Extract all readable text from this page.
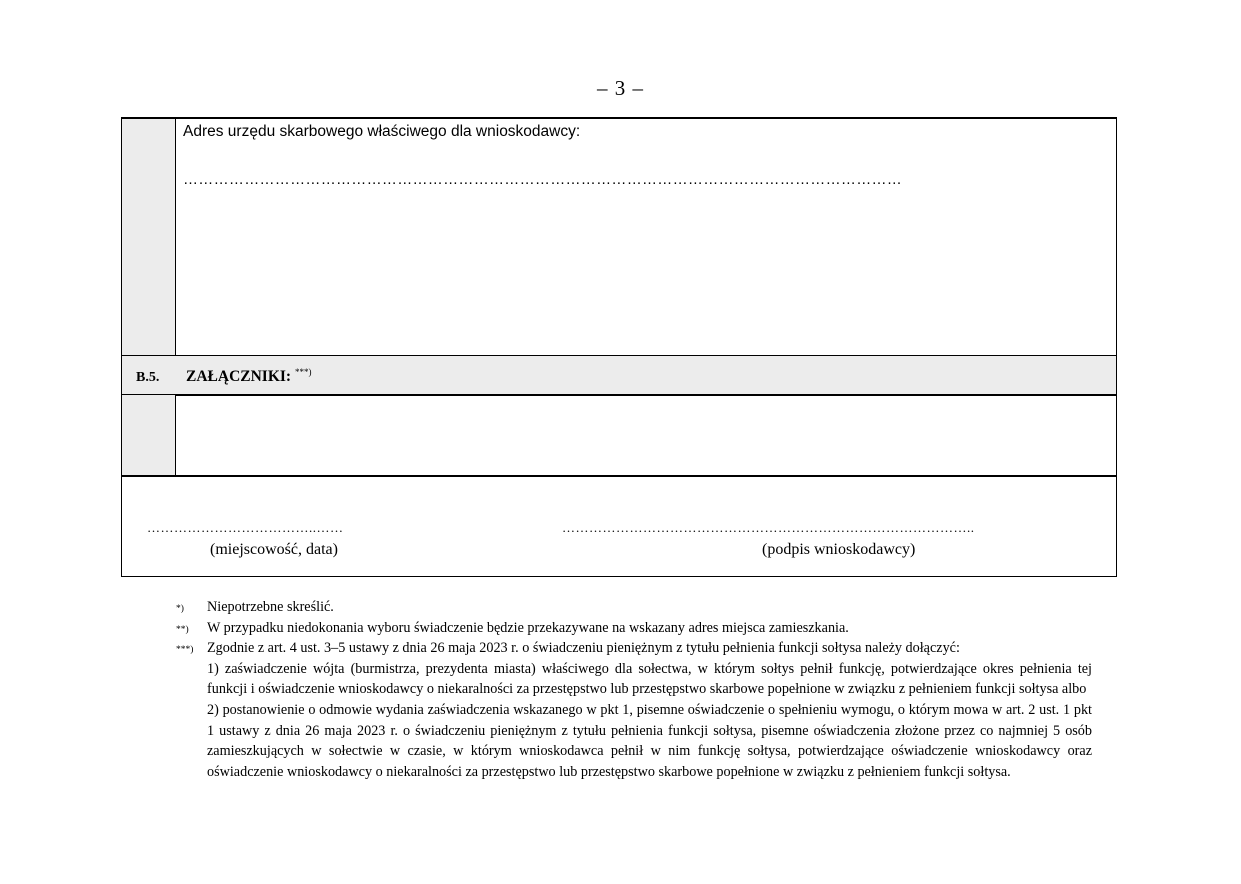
– 3 –
Adres urzędu skarbowego właściwego dla wnioskodawcy:
……………………………………………………………………………………………………………………………
B.5. ZAŁĄCZNIKI: ***)
………………………………..……
(miejscowość, data)
………………………………………………………………………………..
(podpis wnioskodawcy)
*) Niepotrzebne skreślić.
**) W przypadku niedokonania wyboru świadczenie będzie przekazywane na wskazany adres miejsca zamieszkania.
***) Zgodnie z art. 4 ust. 3–5 ustawy z dnia 26 maja 2023 r. o świadczeniu pieniężnym z tytułu pełnienia funkcji sołtysa należy dołączyć:
1) zaświadczenie wójta (burmistrza, prezydenta miasta) właściwego dla sołectwa, w którym sołtys pełnił funkcję, potwierdzające okres pełnienia tej funkcji i oświadczenie wnioskodawcy o niekaralności za przestępstwo lub przestępstwo skarbowe popełnione w związku z pełnieniem funkcji sołtysa albo
2) postanowienie o odmowie wydania zaświadczenia wskazanego w pkt 1, pisemne oświadczenie o spełnieniu wymogu, o którym mowa w art. 2 ust. 1 pkt 1 ustawy z dnia 26 maja 2023 r. o świadczeniu pieniężnym z tytułu pełnienia funkcji sołtysa, pisemne oświadczenia złożone przez co najmniej 5 osób zamieszkujących w sołectwie w czasie, w którym wnioskodawca pełnił w nim funkcję sołtysa, potwierdzające oświadczenie wnioskodawcy oraz oświadczenie wnioskodawcy o niekaralności za przestępstwo lub przestępstwo skarbowe popełnione w związku z pełnieniem funkcji sołtysa.
